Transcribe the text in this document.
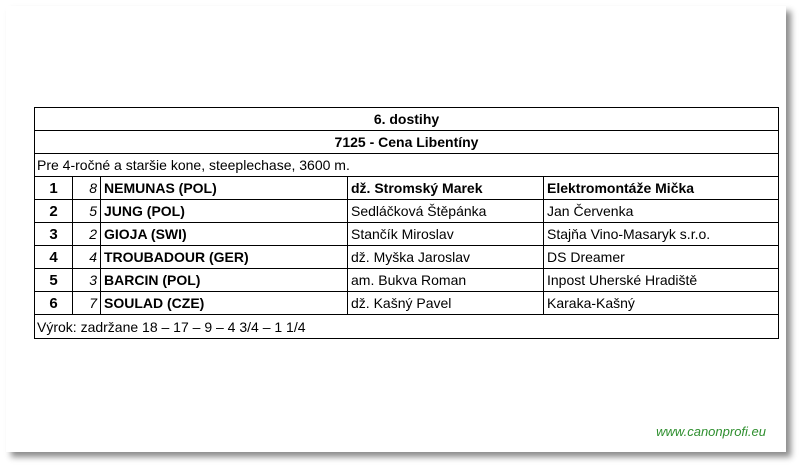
6. dostihy
7125 - Cena Libentíny
Pre 4-ročné a staršie kone, steeplechase, 3600 m.
1	8 NEMUNAS (POL)	dž. Stromský Marek	Elektromontáže Mička
2	5 JUNG (POL)	Sedláčková Štěpánka	Jan Červenka
3	2 GIOJA (SWI)	Stančík Miroslav	Stajňa Vino-Masaryk s.r.o.
4	4 TROUBADOUR (GER)	dž. Myška Jaroslav	DS Dreamer
5	3 BARCIN (POL)	am. Bukva Roman	Inpost Uherské Hradiště
6	7 SOULAD (CZE)	dž. Kašný Pavel	Karaka-Kašný
Výrok: zadržane 18 – 17 – 9 – 4 3/4 – 1 1/4
www.canonprofi.eu
